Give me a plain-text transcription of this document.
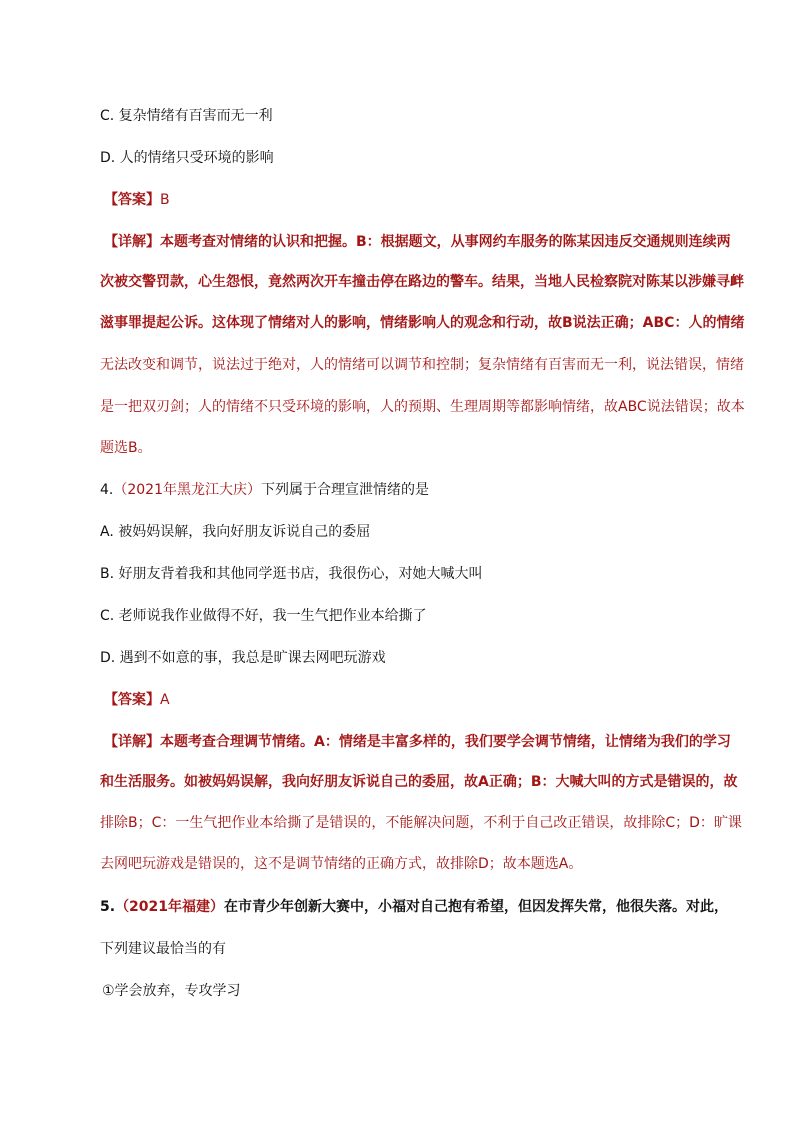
C. 复杂情绪有百害而无一利
D. 人的情绪只受环境的影响
【答案】B
【详解】本题考查对情绪的认识和把握。B：根据题文，从事网约车服务的陈某因违反交通规则连续两
次被交警罚款，心生怨恨，竟然两次开车撞击停在路边的警车。结果，当地人民检察院对陈某以涉嫌寻衅
滋事罪提起公诉。这体现了情绪对人的影响，情绪影响人的观念和行动，故B说法正确；ABC：人的情绪
无法改变和调节，说法过于绝对，人的情绪可以调节和控制；复杂情绪有百害而无一利，说法错误，情绪
是一把双刃剑；人的情绪不只受环境的影响，人的预期、生理周期等都影响情绪，故ABC说法错误；故本
题选B。
4.（2021年黑龙江大庆）下列属于合理宣泄情绪的是
A. 被妈妈误解，我向好朋友诉说自己的委屈
B. 好朋友背着我和其他同学逛书店，我很伤心，对她大喊大叫
C. 老师说我作业做得不好，我一生气把作业本给撕了
D. 遇到不如意的事，我总是旷课去网吧玩游戏
【答案】A
【详解】本题考查合理调节情绪。A：情绪是丰富多样的，我们要学会调节情绪，让情绪为我们的学习
和生活服务。如被妈妈误解，我向好朋友诉说自己的委屈，故A正确；B：大喊大叫的方式是错误的，故
排除B；C：一生气把作业本给撕了是错误的，不能解决问题，不利于自己改正错误，故排除C；D：旷课
去网吧玩游戏是错误的，这不是调节情绪的正确方式，故排除D；故本题选A。
5.（2021年福建）在市青少年创新大赛中，小福对自己抱有希望，但因发挥失常，他很失落。对此，
下列建议最恰当的有
①学会放弃，专攻学习
